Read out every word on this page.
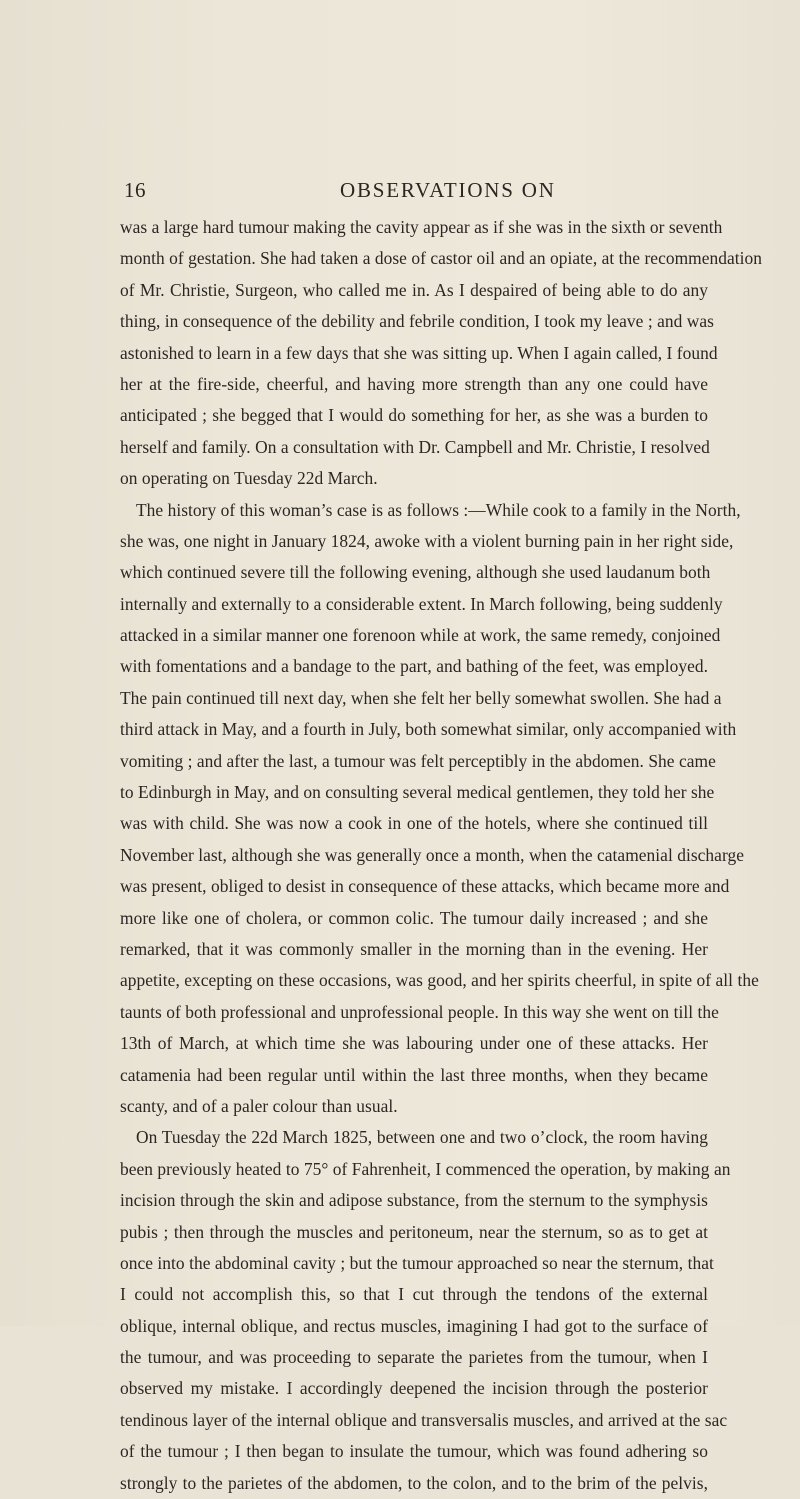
16	OBSERVATIONS ON
was a large hard tumour making the cavity appear as if she was in the sixth or seventh
month of gestation. She had taken a dose of castor oil and an opiate, at the recommendation
of Mr. Christie, Surgeon, who called me in. As I despaired of being able to do any
thing, in consequence of the debility and febrile condition, I took my leave ; and was
astonished to learn in a few days that she was sitting up. When I again called, I found
her at the fire-side, cheerful, and having more strength than any one could have
anticipated ; she begged that I would do something for her, as she was a burden to
herself and family. On a consultation with Dr. Campbell and Mr. Christie, I resolved
on operating on Tuesday 22d March.
The history of this woman’s case is as follows :—While cook to a family in the North,
she was, one night in January 1824, awoke with a violent burning pain in her right side,
which continued severe till the following evening, although she used laudanum both
internally and externally to a considerable extent. In March following, being suddenly
attacked in a similar manner one forenoon while at work, the same remedy, conjoined
with fomentations and a bandage to the part, and bathing of the feet, was employed.
The pain continued till next day, when she felt her belly somewhat swollen. She had a
third attack in May, and a fourth in July, both somewhat similar, only accompanied with
vomiting ; and after the last, a tumour was felt perceptibly in the abdomen. She came
to Edinburgh in May, and on consulting several medical gentlemen, they told her she
was with child. She was now a cook in one of the hotels, where she continued till
November last, although she was generally once a month, when the catamenial discharge
was present, obliged to desist in consequence of these attacks, which became more and
more like one of cholera, or common colic. The tumour daily increased ; and she
remarked, that it was commonly smaller in the morning than in the evening. Her
appetite, excepting on these occasions, was good, and her spirits cheerful, in spite of all the
taunts of both professional and unprofessional people. In this way she went on till the
13th of March, at which time she was labouring under one of these attacks. Her
catamenia had been regular until within the last three months, when they became
scanty, and of a paler colour than usual.
On Tuesday the 22d March 1825, between one and two o’clock, the room having
been previously heated to 75° of Fahrenheit, I commenced the operation, by making an
incision through the skin and adipose substance, from the sternum to the symphysis
pubis ; then through the muscles and peritoneum, near the sternum, so as to get at
once into the abdominal cavity ; but the tumour approached so near the sternum, that
I could not accomplish this, so that I cut through the tendons of the external
oblique, internal oblique, and rectus muscles, imagining I had got to the surface of
the tumour, and was proceeding to separate the parietes from the tumour, when I
observed my mistake. I accordingly deepened the incision through the posterior
tendinous layer of the internal oblique and transversalis muscles, and arrived at the sac
of the tumour ; I then began to insulate the tumour, which was found adhering so
strongly to the parietes of the abdomen, to the colon, and to the brim of the pelvis,
